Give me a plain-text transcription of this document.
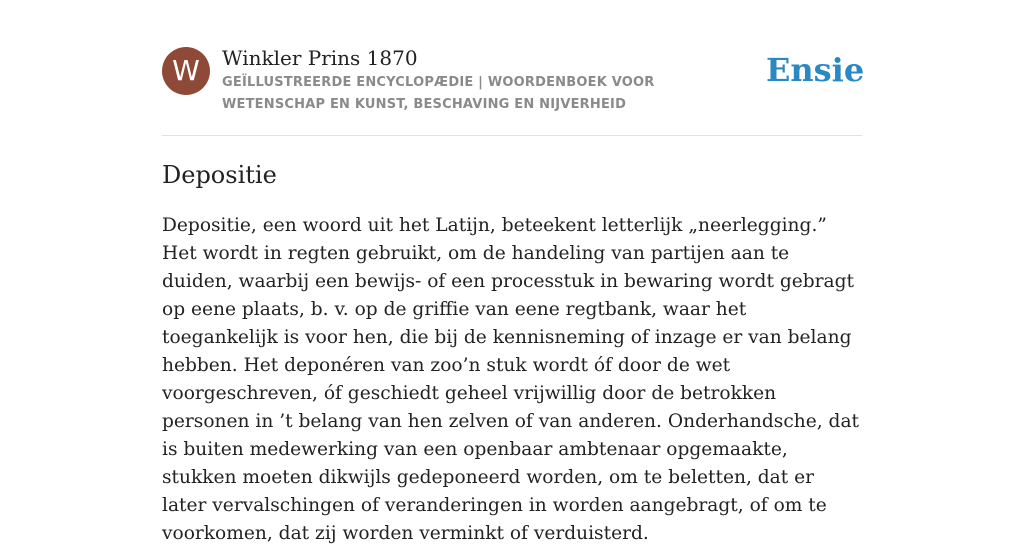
W	Winkler Prins 1870
GEÏLLUSTREERDE ENCYCLOPÆDIE | WOORDENBOEK VOOR WETENSCHAP EN KUNST, BESCHAVING EN NIJVERHEID
Ensie
Depositie

Depositie, een woord uit het Latijn, beteekent letterlijk „neerlegging.” Het wordt in regten gebruikt, om de handeling van partijen aan te duiden, waarbij een bewijs- of een processtuk in bewaring wordt gebragt op eene plaats, b. v. op de griffie van eene regtbank, waar het toegankelijk is voor hen, die bij de kennisneming of inzage er van belang hebben. Het deponéren van zoo’n stuk wordt óf door de wet voorgeschreven, óf geschiedt geheel vrijwillig door de betrokken personen in ’t belang van hen zelven of van anderen. Onderhandsche, dat is buiten medewerking van een openbaar ambtenaar opgemaakte, stukken moeten dikwijls gedeponeerd worden, om te beletten, dat er later vervalschingen of veranderingen in worden aangebragt, of om te voorkomen, dat zij worden verminkt of verduisterd.
